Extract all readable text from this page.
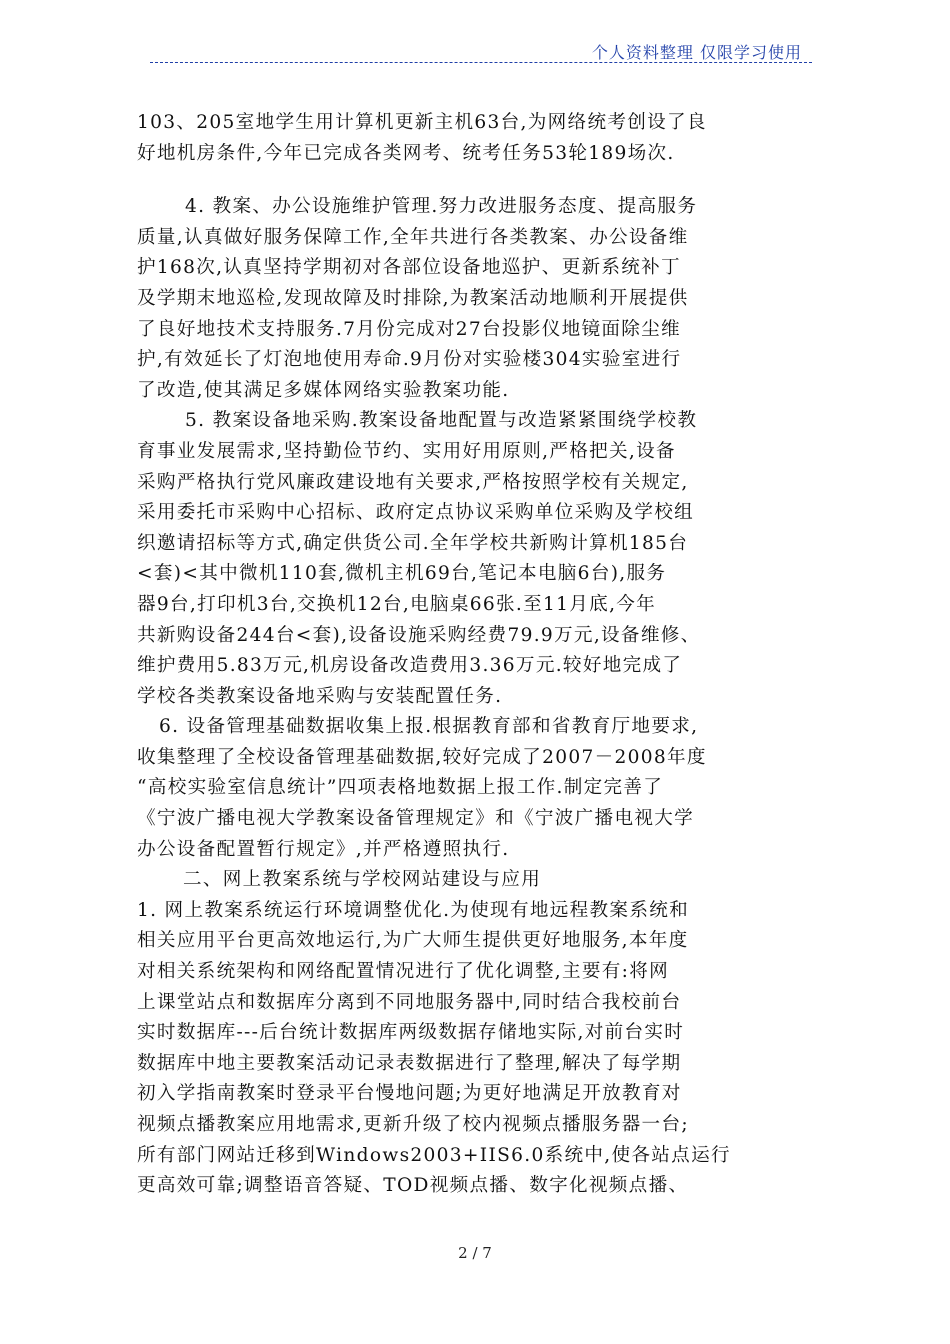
个人资料整理 仅限学习使用
103、205室地学生用计算机更新主机63台,为网络统考创设了良
好地机房条件,今年已完成各类网考、统考任务53轮189场次.
4. 教案、办公设施维护管理.努力改进服务态度、提高服务
质量,认真做好服务保障工作,全年共进行各类教案、办公设备维
护168次,认真坚持学期初对各部位设备地巡护、更新系统补丁
及学期末地巡检,发现故障及时排除,为教案活动地顺利开展提供
了良好地技术支持服务.7月份完成对27台投影仪地镜面除尘维
护,有效延长了灯泡地使用寿命.9月份对实验楼304实验室进行
了改造,使其满足多媒体网络实验教案功能.
5. 教案设备地采购.教案设备地配置与改造紧紧围绕学校教
育事业发展需求,坚持勤俭节约、实用好用原则,严格把关,设备
采购严格执行党风廉政建设地有关要求,严格按照学校有关规定,
采用委托市采购中心招标、政府定点协议采购单位采购及学校组
织邀请招标等方式,确定供货公司.全年学校共新购计算机185台
<套)<其中微机110套,微机主机69台,笔记本电脑6台),服务
器9台,打印机3台,交换机12台,电脑桌66张.至11月底,今年
共新购设备244台<套),设备设施采购经费79.9万元,设备维修、
维护费用5.83万元,机房设备改造费用3.36万元.较好地完成了
学校各类教案设备地采购与安装配置任务.
6. 设备管理基础数据收集上报.根据教育部和省教育厅地要求,
收集整理了全校设备管理基础数据,较好完成了2007－2008年度
“高校实验室信息统计”四项表格地数据上报工作.制定完善了
《宁波广播电视大学教案设备管理规定》和《宁波广播电视大学
办公设备配置暂行规定》,并严格遵照执行.
二、网上教案系统与学校网站建设与应用
1. 网上教案系统运行环境调整优化.为使现有地远程教案系统和
相关应用平台更高效地运行,为广大师生提供更好地服务,本年度
对相关系统架构和网络配置情况进行了优化调整,主要有:将网
上课堂站点和数据库分离到不同地服务器中,同时结合我校前台
实时数据库---后台统计数据库两级数据存储地实际,对前台实时
数据库中地主要教案活动记录表数据进行了整理,解决了每学期
初入学指南教案时登录平台慢地问题;为更好地满足开放教育对
视频点播教案应用地需求,更新升级了校内视频点播服务器一台;
所有部门网站迁移到Windows2003+IIS6.0系统中,使各站点运行
更高效可靠;调整语音答疑、TOD视频点播、数字化视频点播、
2 / 7
